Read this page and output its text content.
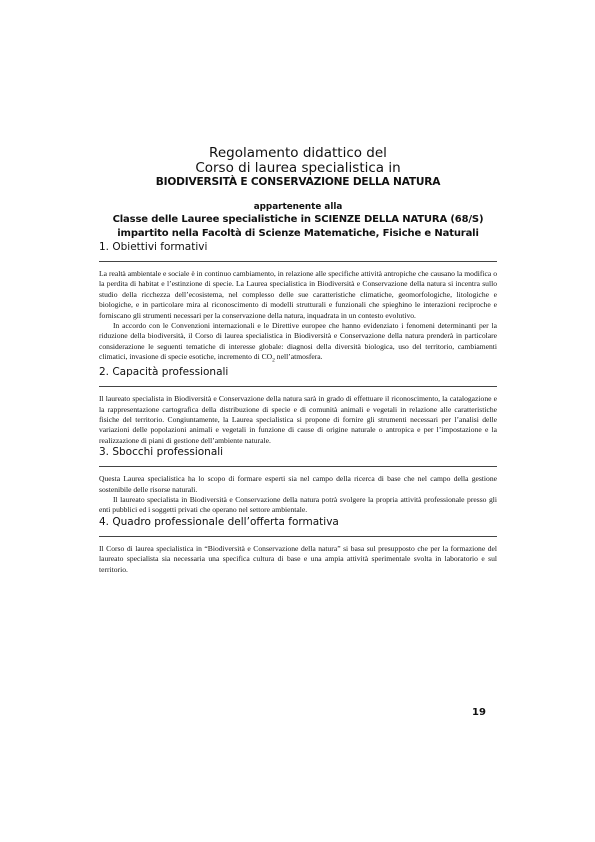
Regolamento didattico del
Corso di laurea specialistica in
BIODIVERSITÀ E CONSERVAZIONE DELLA NATURA
appartenente alla
Classe delle Lauree specialistiche in SCIENZE DELLA NATURA (68/S)
impartito nella Facoltà di Scienze Matematiche, Fisiche e Naturali
1. Obiettivi formativi

La realtà ambientale e sociale è in continuo cambiamento, in relazione alle specifiche attività antropiche che causano la modifica o la perdita di habitat e l’estinzione di specie. La Laurea specialistica in Biodiversità e Conservazione della natura si incentra sullo studio della ricchezza dell’ecosistema, nel complesso delle sue caratteristiche climatiche, geomorfologiche, litologiche e biologiche, e in particolare mira al riconoscimento di modelli strutturali e funzionali che spieghino le interazioni reciproche e forniscano gli strumenti necessari per la conservazione della natura, inquadrata in un contesto evolutivo.

In accordo con le Convenzioni internazionali e le Direttive europee che hanno evidenziato i fenomeni determinanti per la riduzione della biodiversità, il Corso di laurea specialistica in Biodiversità e Conservazione della natura prenderà in particolare considerazione le seguenti tematiche di interesse globale: diagnosi della diversità biologica, uso del territorio, cambiamenti climatici, invasione di specie esotiche, incremento di $CO_2$ nell’atmosfera.

2. Capacità professionali

Il laureato specialista in Biodiversità e Conservazione della natura sarà in grado di effettuare il riconoscimento, la catalogazione e la rappresentazione cartografica della distribuzione di specie e di comunità animali e vegetali in relazione alle caratteristiche fisiche del territorio. Congiuntamente, la Laurea specialistica si propone di fornire gli strumenti necessari per l’analisi delle variazioni delle popolazioni animali e vegetali in funzione di cause di origine naturale o antropica e per l’impostazione e la realizzazione di piani di gestione dell’ambiente naturale.

3. Sbocchi professionali

Questa Laurea specialistica ha lo scopo di formare esperti sia nel campo della ricerca di base che nel campo della gestione sostenibile delle risorse naturali.

Il laureato specialista in Biodiversità e Conservazione della natura potrà svolgere la propria attività professionale presso gli enti pubblici ed i soggetti privati che operano nel settore ambientale.

4. Quadro professionale dell’offerta formativa

Il Corso di laurea specialistica in “Biodiversità e Conservazione della natura” si basa sul presupposto che per la formazione del laureato specialista sia necessaria una specifica cultura di base e una ampia attività sperimentale svolta in laboratorio e sul territorio.

19
